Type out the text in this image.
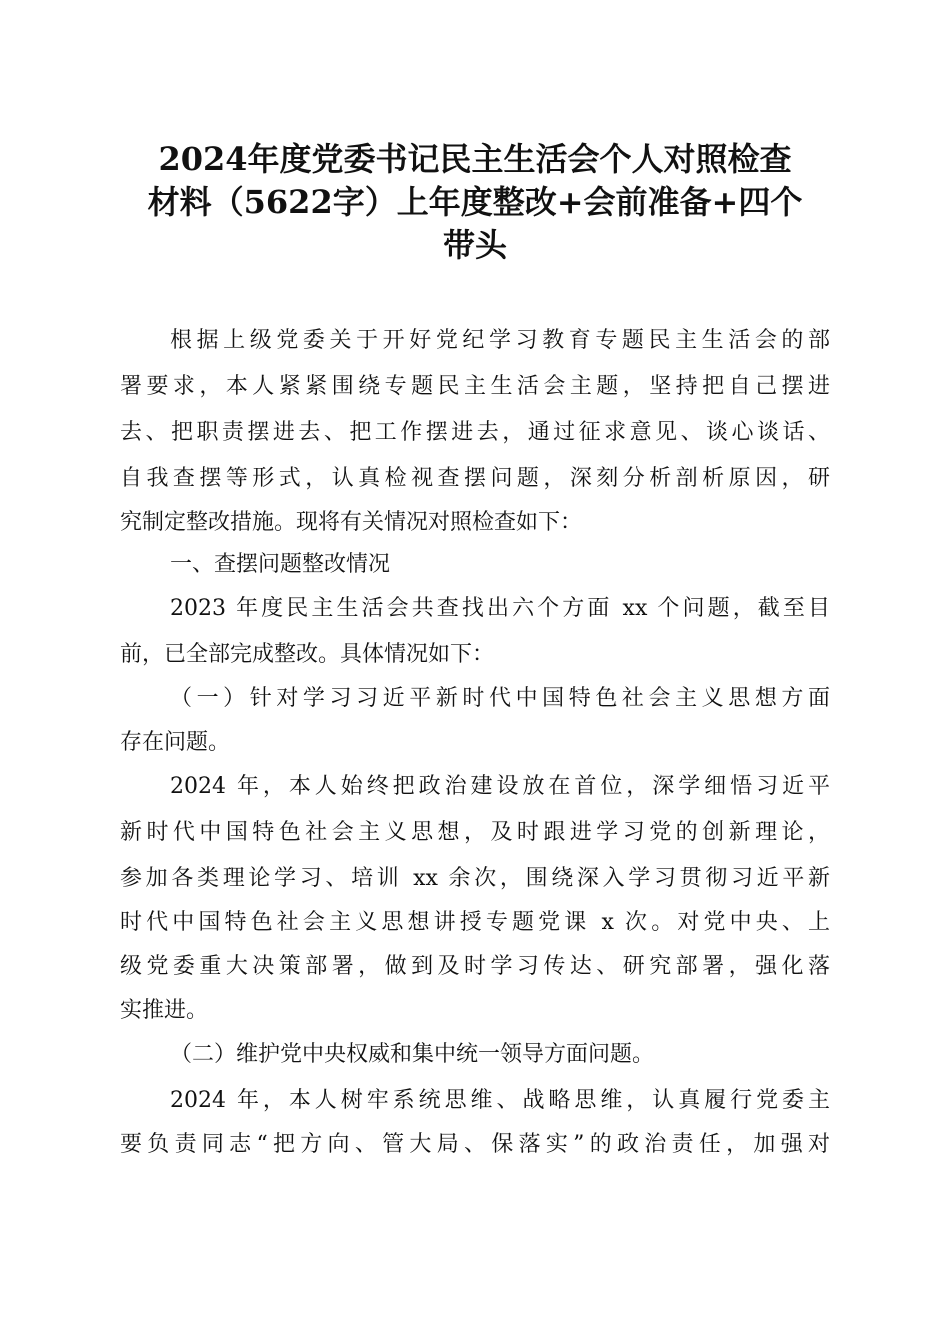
2024年度党委书记民主生活会个人对照检查
材料（5622字）上年度整改+会前准备+四个
带头
根据上级党委关于开好党纪学习教育专题民主生活会的部
署要求，本人紧紧围绕专题民主生活会主题，坚持把自己摆进
去、把职责摆进去、把工作摆进去，通过征求意见、谈心谈话、
自我查摆等形式，认真检视查摆问题，深刻分析剖析原因，研
究制定整改措施。现将有关情况对照检查如下：
一、查摆问题整改情况
2023 年度民主生活会共查找出六个方面 xx 个问题，截至目
前，已全部完成整改。具体情况如下：
（一）针对学习习近平新时代中国特色社会主义思想方面
存在问题。
2024 年，本人始终把政治建设放在首位，深学细悟习近平
新时代中国特色社会主义思想，及时跟进学习党的创新理论，
参加各类理论学习、培训 xx 余次，围绕深入学习贯彻习近平新
时代中国特色社会主义思想讲授专题党课 x 次。对党中央、上
级党委重大决策部署，做到及时学习传达、研究部署，强化落
实推进。
（二）维护党中央权威和集中统一领导方面问题。
2024 年，本人树牢系统思维、战略思维，认真履行党委主
要负责同志“把方向、管大局、保落实”的政治责任，加强对
